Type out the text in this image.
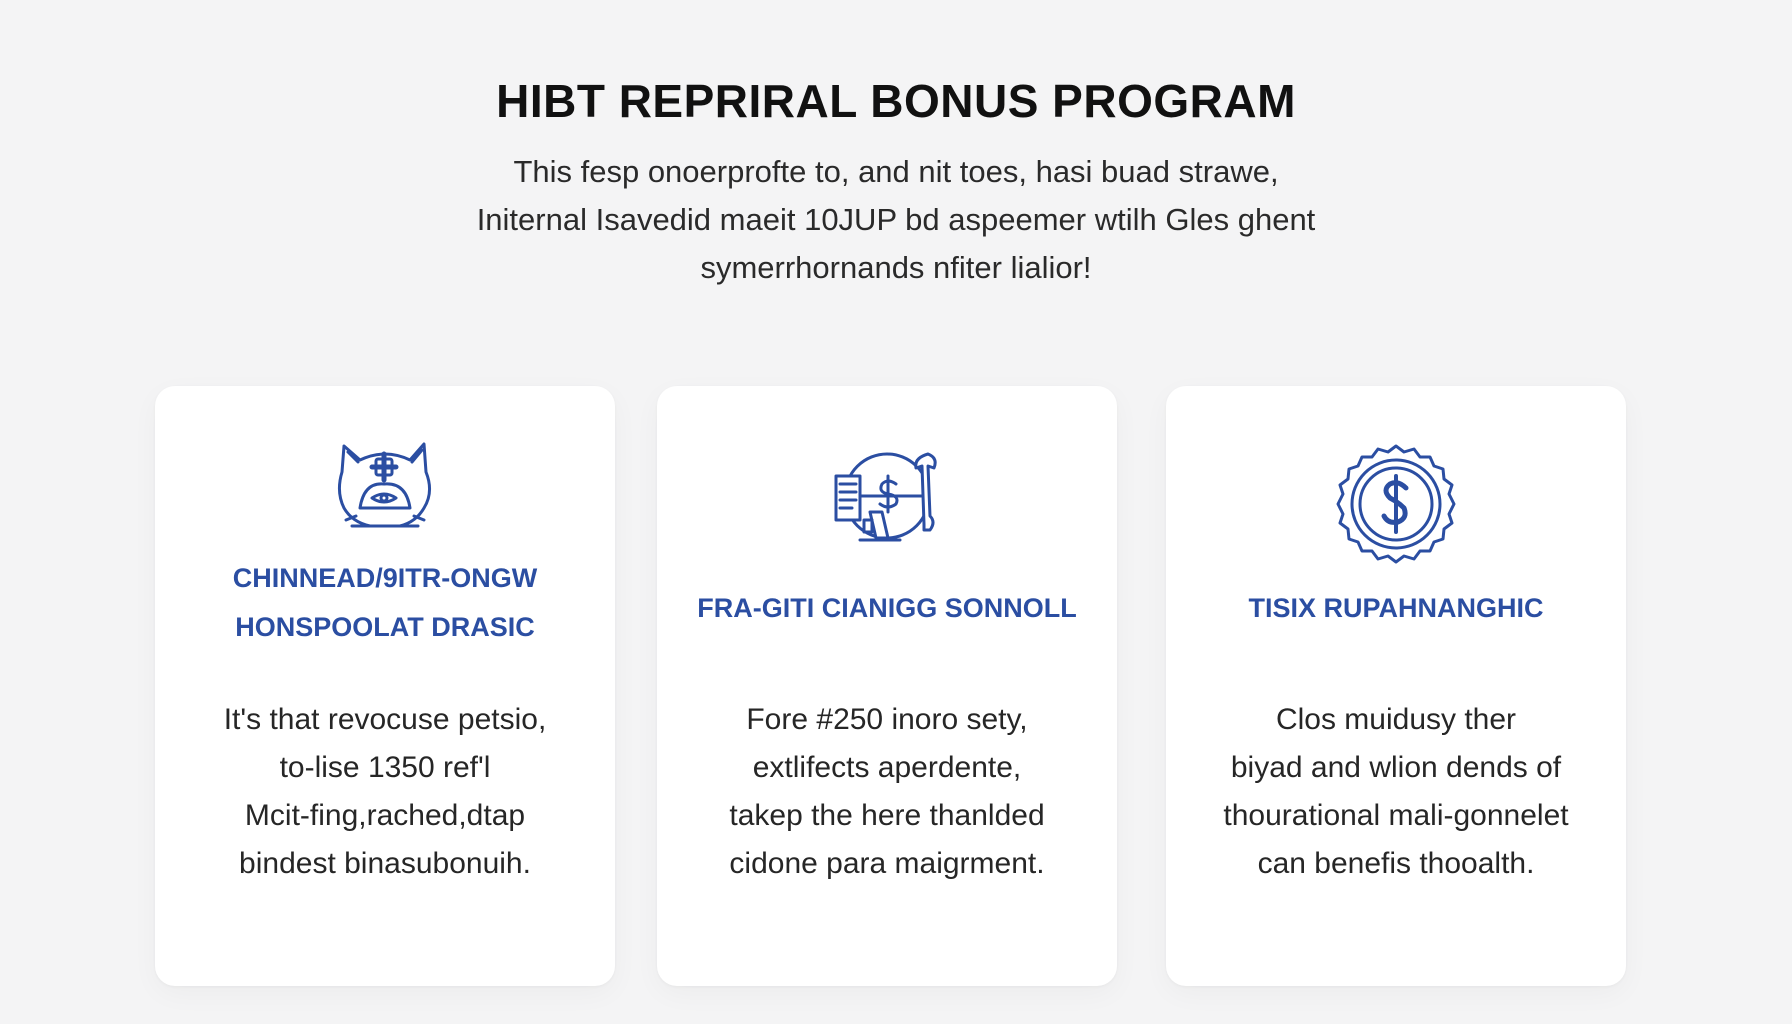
HIBT REPRIRAL BONUS PROGRAM
This fesp onoerprofte to, and nit toes, hasi buad strawe,
Initernal Isavedid maeit 10JUP bd aspeemer wtilh Gles ghent
symerrhornands nfiter lialior!
CHINNEAD/9ITR-ONGW
HONSPOOLAT DRASIC
It's that revocuse petsio,
to-lise 1350 ref'l
Mcit-fing,rached,dtap
bindest binasubonuih.
FRA-GITI CIANIGG SONNOLL
Fore #250 inoro sety,
extlifects aperdente,
takep the here thanlded
cidone para maigrment.
TISIX RUPAHNANGHIC
Clos muidusy ther
biyad and wlion dends of
thourational mali-gonnelet
can benefis thooalth.
